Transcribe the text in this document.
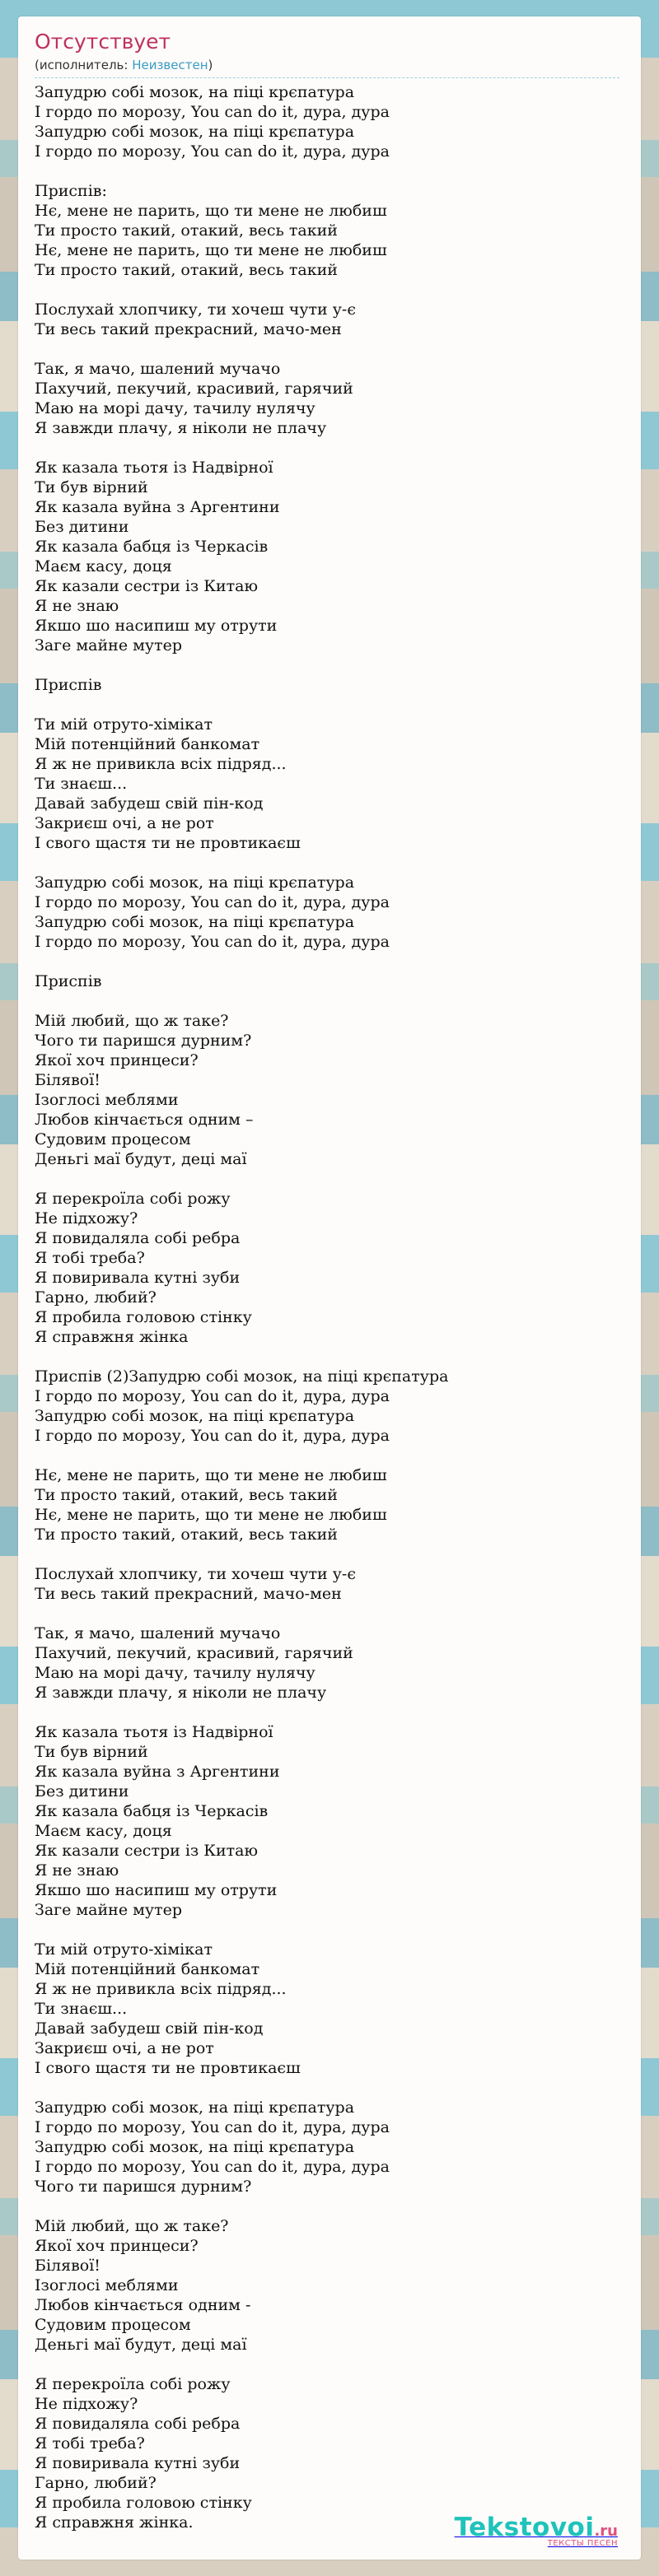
Отсутствует
(исполнитель: Неизвестен)
Запудрю собі мозок, на піці крєпатура
І гордо по морозу, You can do it, дура, дура
Запудрю собі мозок, на піці крєпатура
І гордо по морозу, You can do it, дура, дура
Приспів:
Нє, мене не парить, що ти мене не любиш
Ти просто такий, отакий, весь такий
Нє, мене не парить, що ти мене не любиш
Ти просто такий, отакий, весь такий
Послухай хлопчику, ти хочеш чути у-є
Ти весь такий прекрасний, мачо-мен
Так, я мачо, шалений мучачо
Пахучий, пекучий, красивий, гарячий
Маю на морі дачу, тачилу нулячу
Я завжди плачу, я ніколи не плачу
Як казала тьотя із Надвірної
Ти був вірний
Як казала вуйна з Аргентини
Без дитини
Як казала бабця із Черкасів
Маєм касу, доця
Як казали сестри із Китаю
Я не знаю
Якшо шо насипиш му отрути
Заге майне мутер
Приспів
Ти мій отруто-хімікат
Мій потенційний банкомат
Я ж не привикла всіх підряд...
Ти знаєш...
Давай забудеш свій пін-код
Закриєш очі, а не рот
І свого щастя ти не провтикаєш
Запудрю собі мозок, на піці крєпатура
І гордо по морозу, You can do it, дура, дура
Запудрю собі мозок, на піці крєпатура
І гордо по морозу, You can do it, дура, дура
Приспів
Мій любий, що ж таке?
Чого ти паришся дурним?
Якої хоч принцеси?
Білявої!
Ізоглосі меблями
Любов кінчається одним –
Судовим процесом
Деньгі маї будут, деці маї
Я перекроїла собі рожу
Не підхожу?
Я повидаляла собі ребра
Я тобі треба?
Я повиривала кутні зуби
Гарно, любий?
Я пробила головою стінку
Я справжня жінка
Приспів (2)Запудрю собі мозок, на піці крєпатура
І гордо по морозу, You can do it, дура, дура
Запудрю собі мозок, на піці крєпатура
І гордо по морозу, You can do it, дура, дура
Нє, мене не парить, що ти мене не любиш
Ти просто такий, отакий, весь такий
Нє, мене не парить, що ти мене не любиш
Ти просто такий, отакий, весь такий
Послухай хлопчику, ти хочеш чути у-є
Ти весь такий прекрасний, мачо-мен
Так, я мачо, шалений мучачо
Пахучий, пекучий, красивий, гарячий
Маю на морі дачу, тачилу нулячу
Я завжди плачу, я ніколи не плачу
Як казала тьотя із Надвірної
Ти був вірний
Як казала вуйна з Аргентини
Без дитини
Як казала бабця із Черкасів
Маєм касу, доця
Як казали сестри із Китаю
Я не знаю
Якшо шо насипиш му отрути
Заге майне мутер
Ти мій отруто-хімікат
Мій потенційний банкомат
Я ж не привикла всіх підряд...
Ти знаєш...
Давай забудеш свій пін-код
Закриєш очі, а не рот
І свого щастя ти не провтикаєш
Запудрю собі мозок, на піці крєпатура
І гордо по морозу, You can do it, дура, дура
Запудрю собі мозок, на піці крєпатура
І гордо по морозу, You can do it, дура, дура
Чого ти паришся дурним?
Мій любий, що ж таке?
Якої хоч принцеси?
Білявої!
Ізоглосі меблями
Любов кінчається одним -
Судовим процесом
Деньгі маї будут, деці маї
Я перекроїла собі рожу
Не підхожу?
Я повидаляла собі ребра
Я тобі треба?
Я повиривала кутні зуби
Гарно, любий?
Я пробила головою стінку
Я справжня жінка.	Tekstovoi.ru
ТЕКСТЫ ПЕСЕН
